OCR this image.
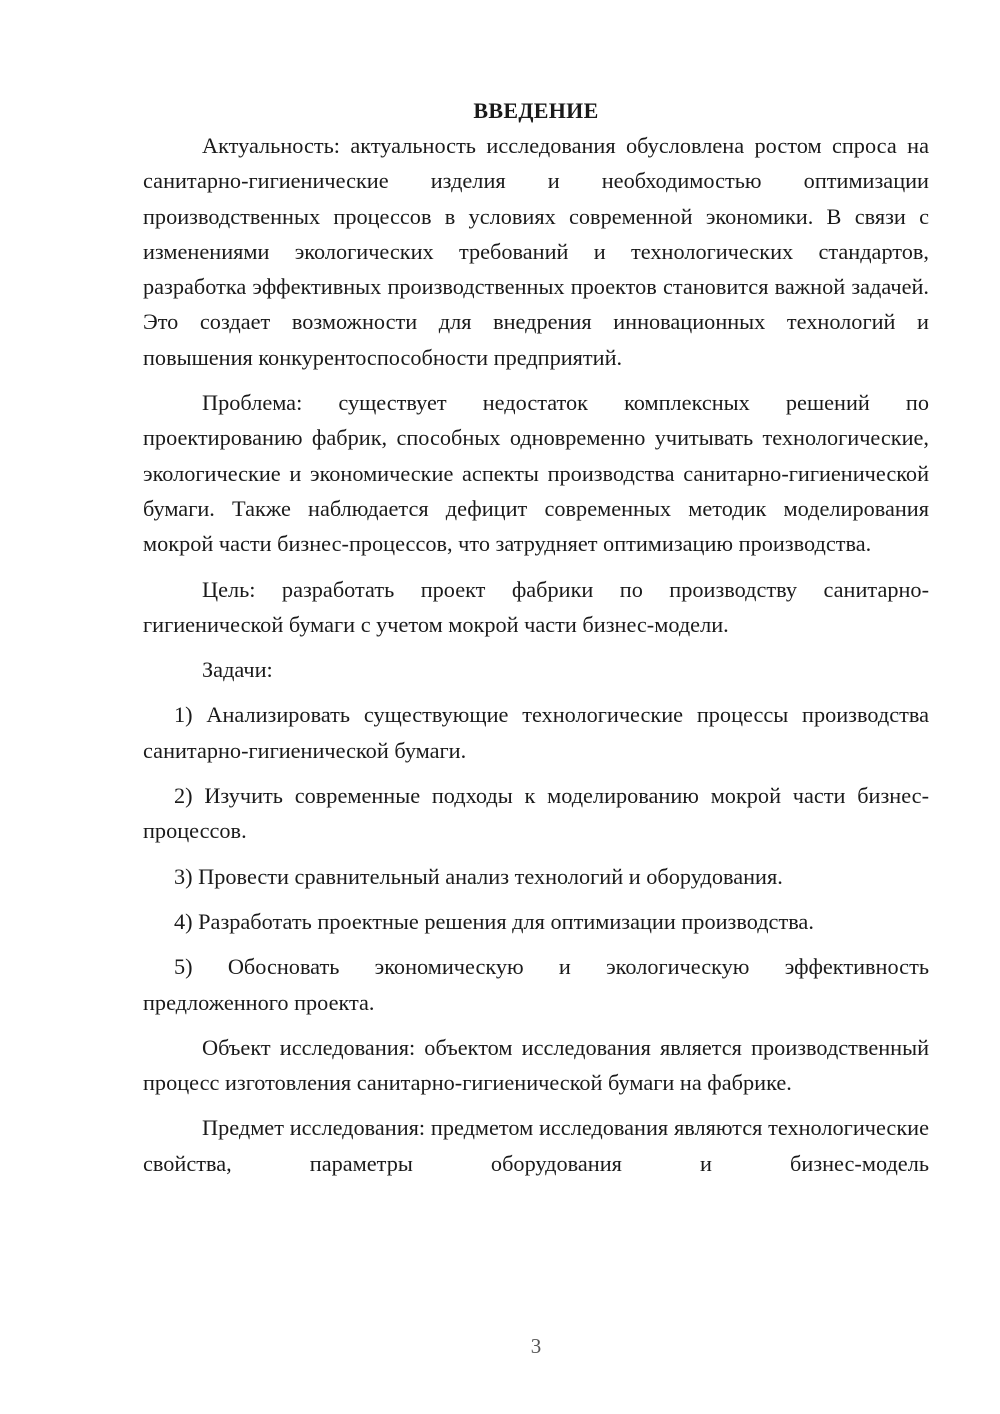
ВВЕДЕНИЕ

Актуальность: актуальность исследования обусловлена ростом спроса на санитарно-гигиенические изделия и необходимостью оптимизации производственных процессов в условиях современной экономики. В связи с изменениями экологических требований и технологических стандартов, разработка эффективных производственных проектов становится важной задачей. Это создает возможности для внедрения инновационных технологий и повышения конкурентоспособности предприятий.

Проблема: существует недостаток комплексных решений по проектированию фабрик, способных одновременно учитывать технологические, экологические и экономические аспекты производства санитарно-гигиенической бумаги. Также наблюдается дефицит современных методик моделирования мокрой части бизнес-процессов, что затрудняет оптимизацию производства.

Цель: разработать проект фабрики по производству санитарно-гигиенической бумаги с учетом мокрой части бизнес-модели.

Задачи:

1) Анализировать существующие технологические процессы производства санитарно-гигиенической бумаги.

2) Изучить современные подходы к моделированию мокрой части бизнес-процессов.

3) Провести сравнительный анализ технологий и оборудования.

4) Разработать проектные решения для оптимизации производства.

5) Обосновать экономическую и экологическую эффективность предложенного проекта.

Объект исследования: объектом исследования является производственный процесс изготовления санитарно-гигиенической бумаги на фабрике.

Предмет исследования: предметом исследования являются технологические свойства, параметры оборудования и бизнес-модель

3
